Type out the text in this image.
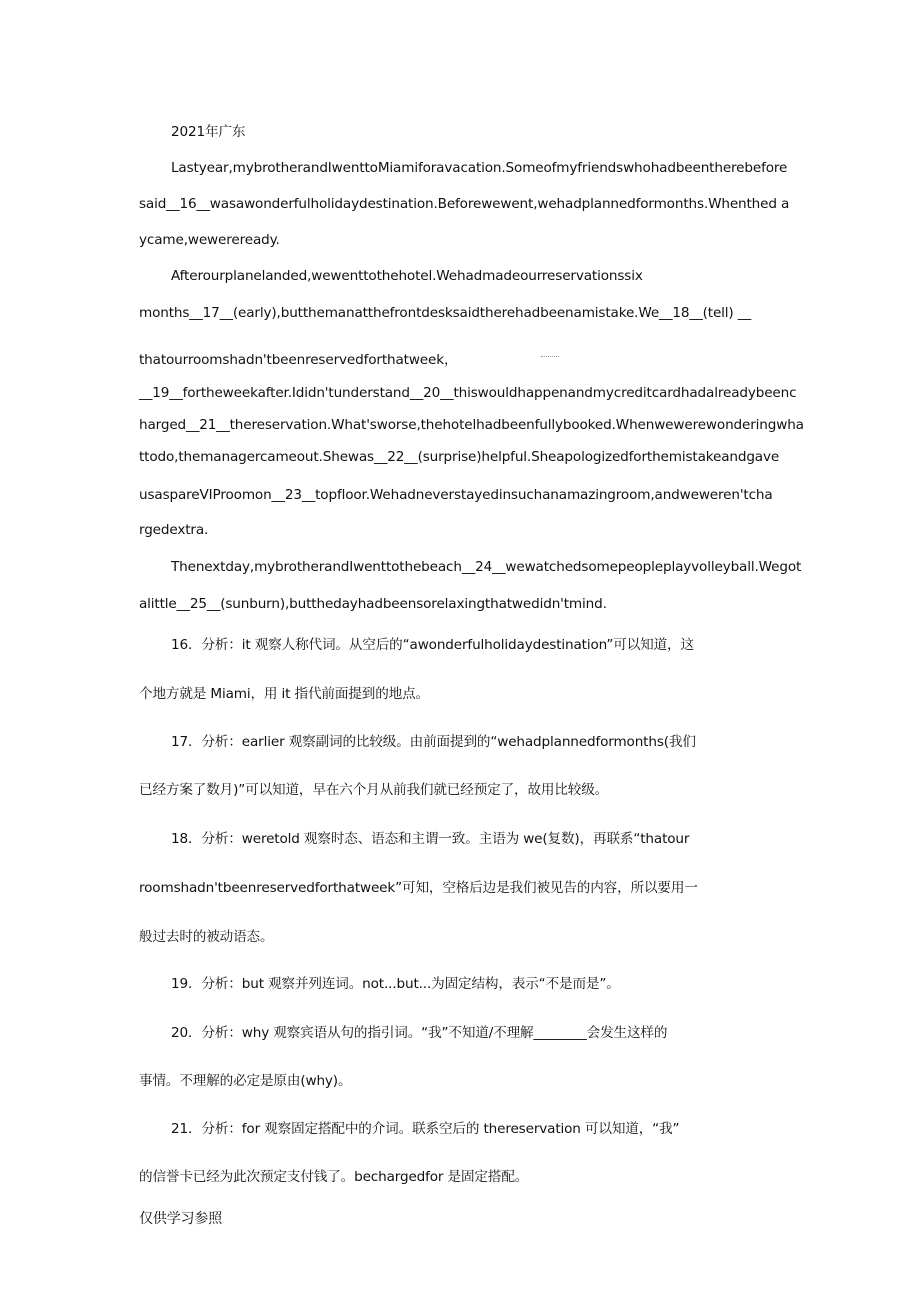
2021年广东
Lastyear,mybrotherandIwenttoMiamiforavacation.Someofmyfriendswhohadbeentherebefore
said__16__wasawonderfulholidaydestination.Beforewewent,wehadplannedformonths.Whenthed a
ycame,wewereready.
Afterourplanelanded,wewenttothehotel.Wehadmadeourreservationssix
months__17__(early),butthemanatthefrontdesksaidtherehadbeenamistake.We__18__(tell) __
thatourroomshadn'tbeenreservedforthatweek，
__19__fortheweekafter.Ididn'tunderstand__20__thiswouldhappenandmycreditcardhadalreadybeenc
harged__21__thereservation.What'sworse,thehotelhadbeenfullybooked.Whenwewerewonderingwha
ttodo,themanagercameout.Shewas__22__(surprise)helpful.Sheapologizedforthemistakeandgave
usaspareVIProomon__23__topfloor.Wehadneverstayedinsuchanamazingroom,andweweren'tcha
rgedextra.
Thenextday,mybrotherandIwenttothebeach__24__wewatchedsomepeopleplayvolleyball.Wegot
alittle__25__(sunburn),butthedayhadbeensorelaxingthatwedidn'tmind.
16．分析：it 观察人称代词。从空后的“awonderfulholidaydestination”可以知道，这
个地方就是 Miami，用 it 指代前面提到的地点。
17．分析：earlier 观察副词的比较级。由前面提到的“wehadplannedformonths(我们
已经方案了数月)”可以知道，早在六个月从前我们就已经预定了，故用比较级。
18．分析：weretold 观察时态、语态和主谓一致。主语为 we(复数)，再联系“thatour
roomshadn'tbeenreservedforthatweek”可知，空格后边是我们被见告的内容，所以要用一
般过去时的被动语态。
19．分析：but 观察并列连词。not...but...为固定结构，表示“不是而是”。
20．分析：why 观察宾语从句的指引词。“我”不知道/不理解________会发生这样的
事情。不理解的必定是原由(why)。
21．分析：for 观察固定搭配中的介词。联系空后的 thereservation 可以知道，“我”
的信誉卡已经为此次预定支付钱了。bechargedfor 是固定搭配。
仅供学习参照
